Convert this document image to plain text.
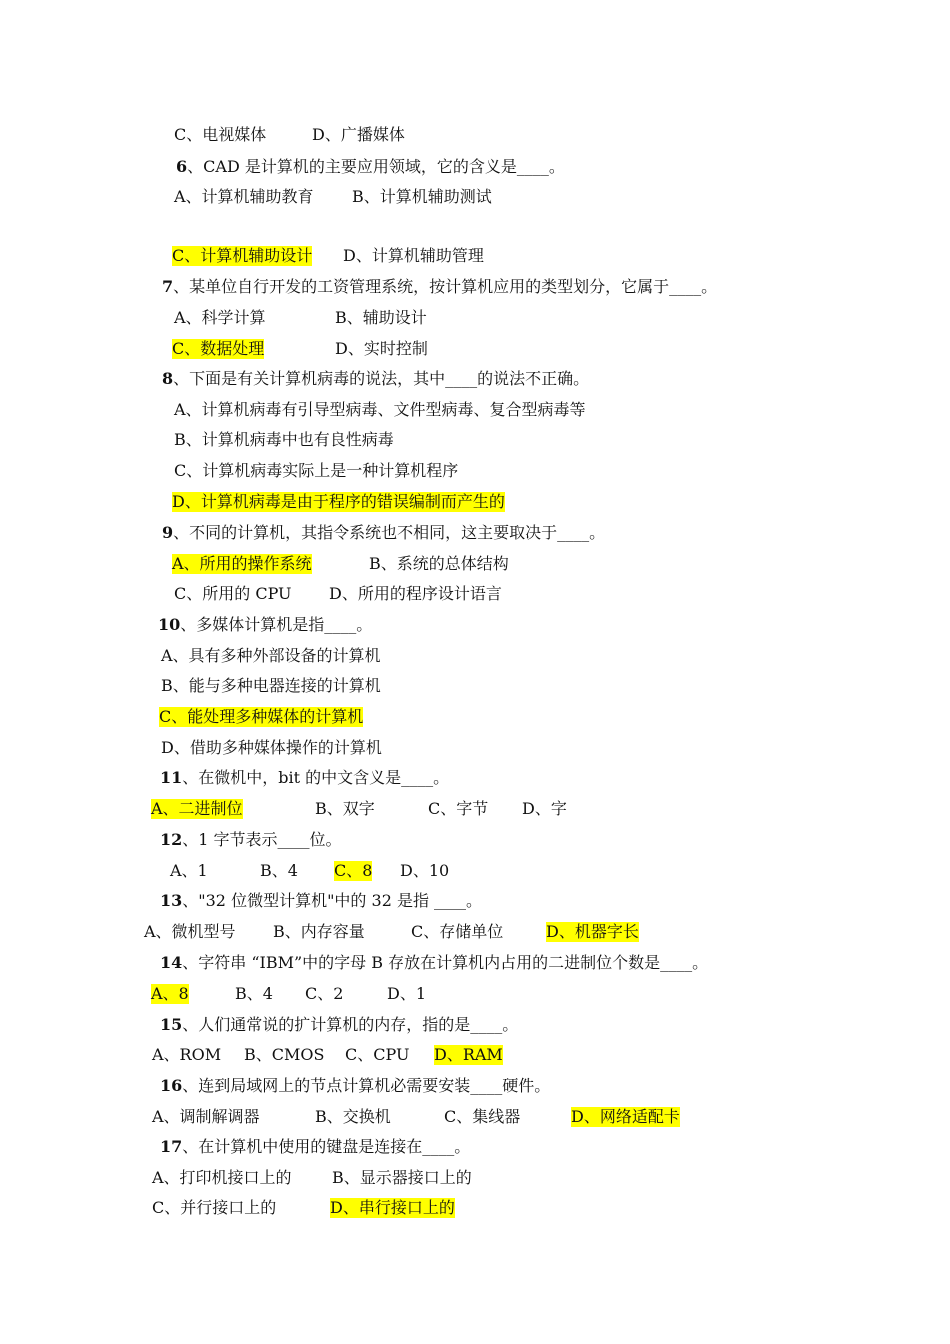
C、电视媒体	D、广播媒体
6、CAD 是计算机的主要应用领域，它的含义是____。
A、计算机辅助教育 B、计算机辅助测试
C、计算机辅助设计 D、计算机辅助管理
7、某单位自行开发的工资管理系统，按计算机应用的类型划分，它属于____。
A、科学计算	B、辅助设计
C、数据处理	D、实时控制
8、下面是有关计算机病毒的说法，其中____的说法不正确。
A、计算机病毒有引导型病毒、文件型病毒、复合型病毒等
B、计算机病毒中也有良性病毒
C、计算机病毒实际上是一种计算机程序
D、计算机病毒是由于程序的错误编制而产生的
9、不同的计算机，其指令系统也不相同，这主要取决于____。
A、所用的操作系统	B、系统的总体结构
C、所用的 CPU D、所用的程序设计语言
10、多媒体计算机是指____。
A、具有多种外部设备的计算机
B、能与多种电器连接的计算机
C、能处理多种媒体的计算机
D、借助多种媒体操作的计算机
11、在微机中，bit 的中文含义是____。
A、二进制位	B、双字	C、字节 D、字
12、1 字节表示____位。
A、1	B、4 C、8 D、10
13、"32 位微型计算机"中的 32 是指 ____。
A、微机型号 B、内存容量	C、存储单位	D、机器字长
14、字符串 “IBM”中的字母 B 存放在计算机内占用的二进制位个数是____。
A、8	B、4 C、2	D、1
15、人们通常说的扩计算机的内存，指的是____。
A、ROM B、CMOS C、CPU D、RAM
16、连到局域网上的节点计算机必需要安装____硬件。
A、调制解调器	B、交换机	C、集线器	D、网络适配卡
17、在计算机中使用的键盘是连接在____。
A、打印机接口上的	B、显示器接口上的
C、并行接口上的	D、串行接口上的
